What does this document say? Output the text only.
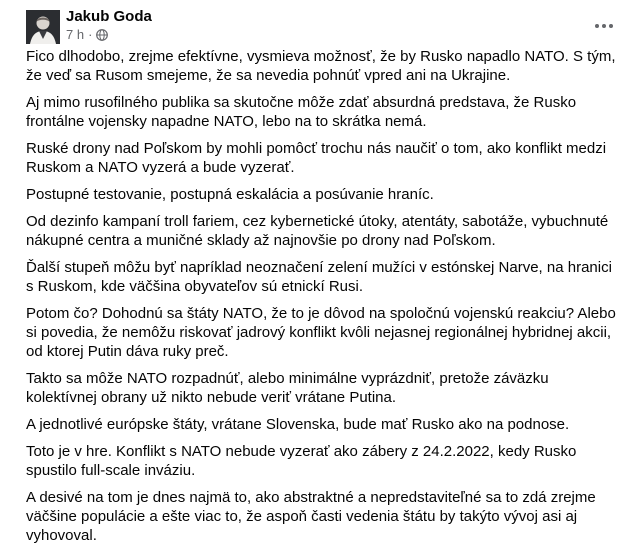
Jakub Goda
7 h ·

Fico dlhodobo, zrejme efektívne, vysmieva možnosť, že by Rusko napadlo NATO. S tým, že veď sa Rusom smejeme, že sa nevedia pohnúť vpred ani na Ukrajine.

Aj mimo rusofilného publika sa skutočne môže zdať absurdná predstava, že Rusko frontálne vojensky napadne NATO, lebo na to skrátka nemá.

Ruské drony nad Poľskom by mohli pomôcť trochu nás naučiť o tom, ako konflikt medzi Ruskom a NATO vyzerá a bude vyzerať.

Postupné testovanie, postupná eskalácia a posúvanie hraníc.

Od dezinfo kampaní troll fariem, cez kybernetické útoky, atentáty, sabotáže, vybuchnuté nákupné centra a muničné sklady až najnovšie po drony nad Poľskom.

Ďalší stupeň môžu byť napríklad neoznačení zelení mužíci v estónskej Narve, na hranici s Ruskom, kde väčšina obyvateľov sú etnickí Rusi.

Potom čo? Dohodnú sa štáty NATO, že to je dôvod na spoločnú vojenskú reakciu? Alebo si povedia, že nemôžu riskovať jadrový konflikt kvôli nejasnej regionálnej hybridnej akcii, od ktorej Putin dáva ruky preč.

Takto sa môže NATO rozpadnúť, alebo minimálne vyprázdniť, pretože záväzku kolektívnej obrany už nikto nebude veriť vrátane Putina.

A jednotlivé európske štáty, vrátane Slovenska, bude mať Rusko ako na podnose.

Toto je v hre. Konflikt s NATO nebude vyzerať ako zábery z 24.2.2022, kedy Rusko spustilo full-scale inváziu.

A desivé na tom je dnes najmä to, ako abstraktné a nepredstaviteľné sa to zdá zrejme väčšine populácie a ešte viac to, že aspoň časti vedenia štátu by takýto vývoj asi aj vyhovoval.
